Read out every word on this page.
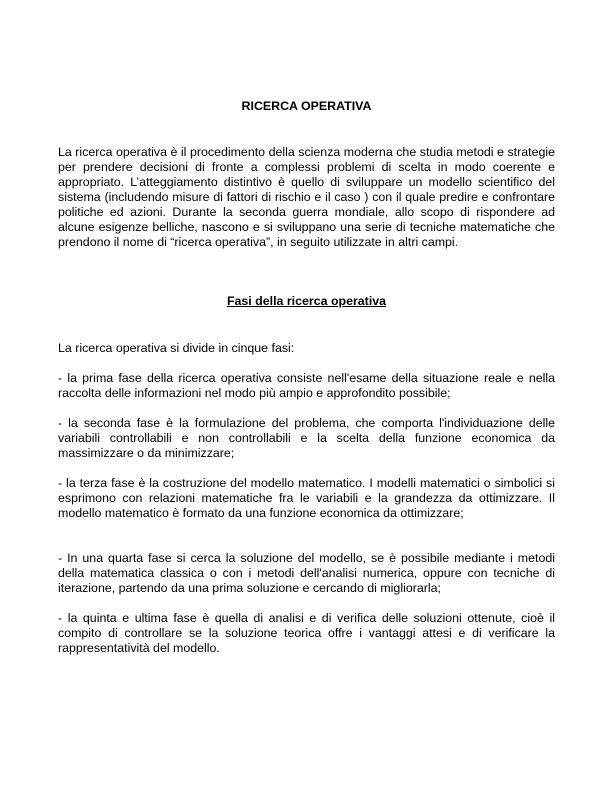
RICERCA OPERATIVA

La ricerca operativa è il procedimento della scienza moderna che studia metodi e strategie per prendere decisioni di fronte a complessi problemi di scelta in modo coerente e appropriato. L’atteggiamento distintivo è quello di sviluppare un modello scientifico del sistema (includendo misure di fattori di rischio e il caso ) con il quale predire e confrontare politiche ed azioni. Durante la seconda guerra mondiale, allo scopo di rispondere ad alcune esigenze belliche, nascono e si sviluppano una serie di tecniche matematiche che prendono il nome di “ricerca operativa”, in seguito utilizzate in altri campi.

Fasi della ricerca operativa

La ricerca operativa si divide in cinque fasi:

- la prima fase della ricerca operativa consiste nell'esame della situazione reale e nella raccolta delle informazioni nel modo più ampio e approfondito possibile;

- la seconda fase è la formulazione del problema, che comporta l'individuazione delle variabili controllabili e non controllabili e la scelta della funzione economica da massimizzare o da minimizzare;

- la terza fase è la costruzione del modello matematico. I modelli matematici o simbolici si esprimono con relazioni matematiche fra le variabili e la grandezza da ottimizzare. Il modello matematico è formato da una funzione economica da ottimizzare;

- In una quarta fase si cerca la soluzione del modello, se è possibile mediante i metodi della matematica classica o con i metodi dell'analisi numerica, oppure con tecniche di iterazione, partendo da una prima soluzione e cercando di migliorarla;

- la quinta e ultima fase è quella di analisi e di verifica delle soluzioni ottenute, cioè il compito di controllare se la soluzione teorica offre i vantaggi attesi e di verificare la rappresentatività del modello.
